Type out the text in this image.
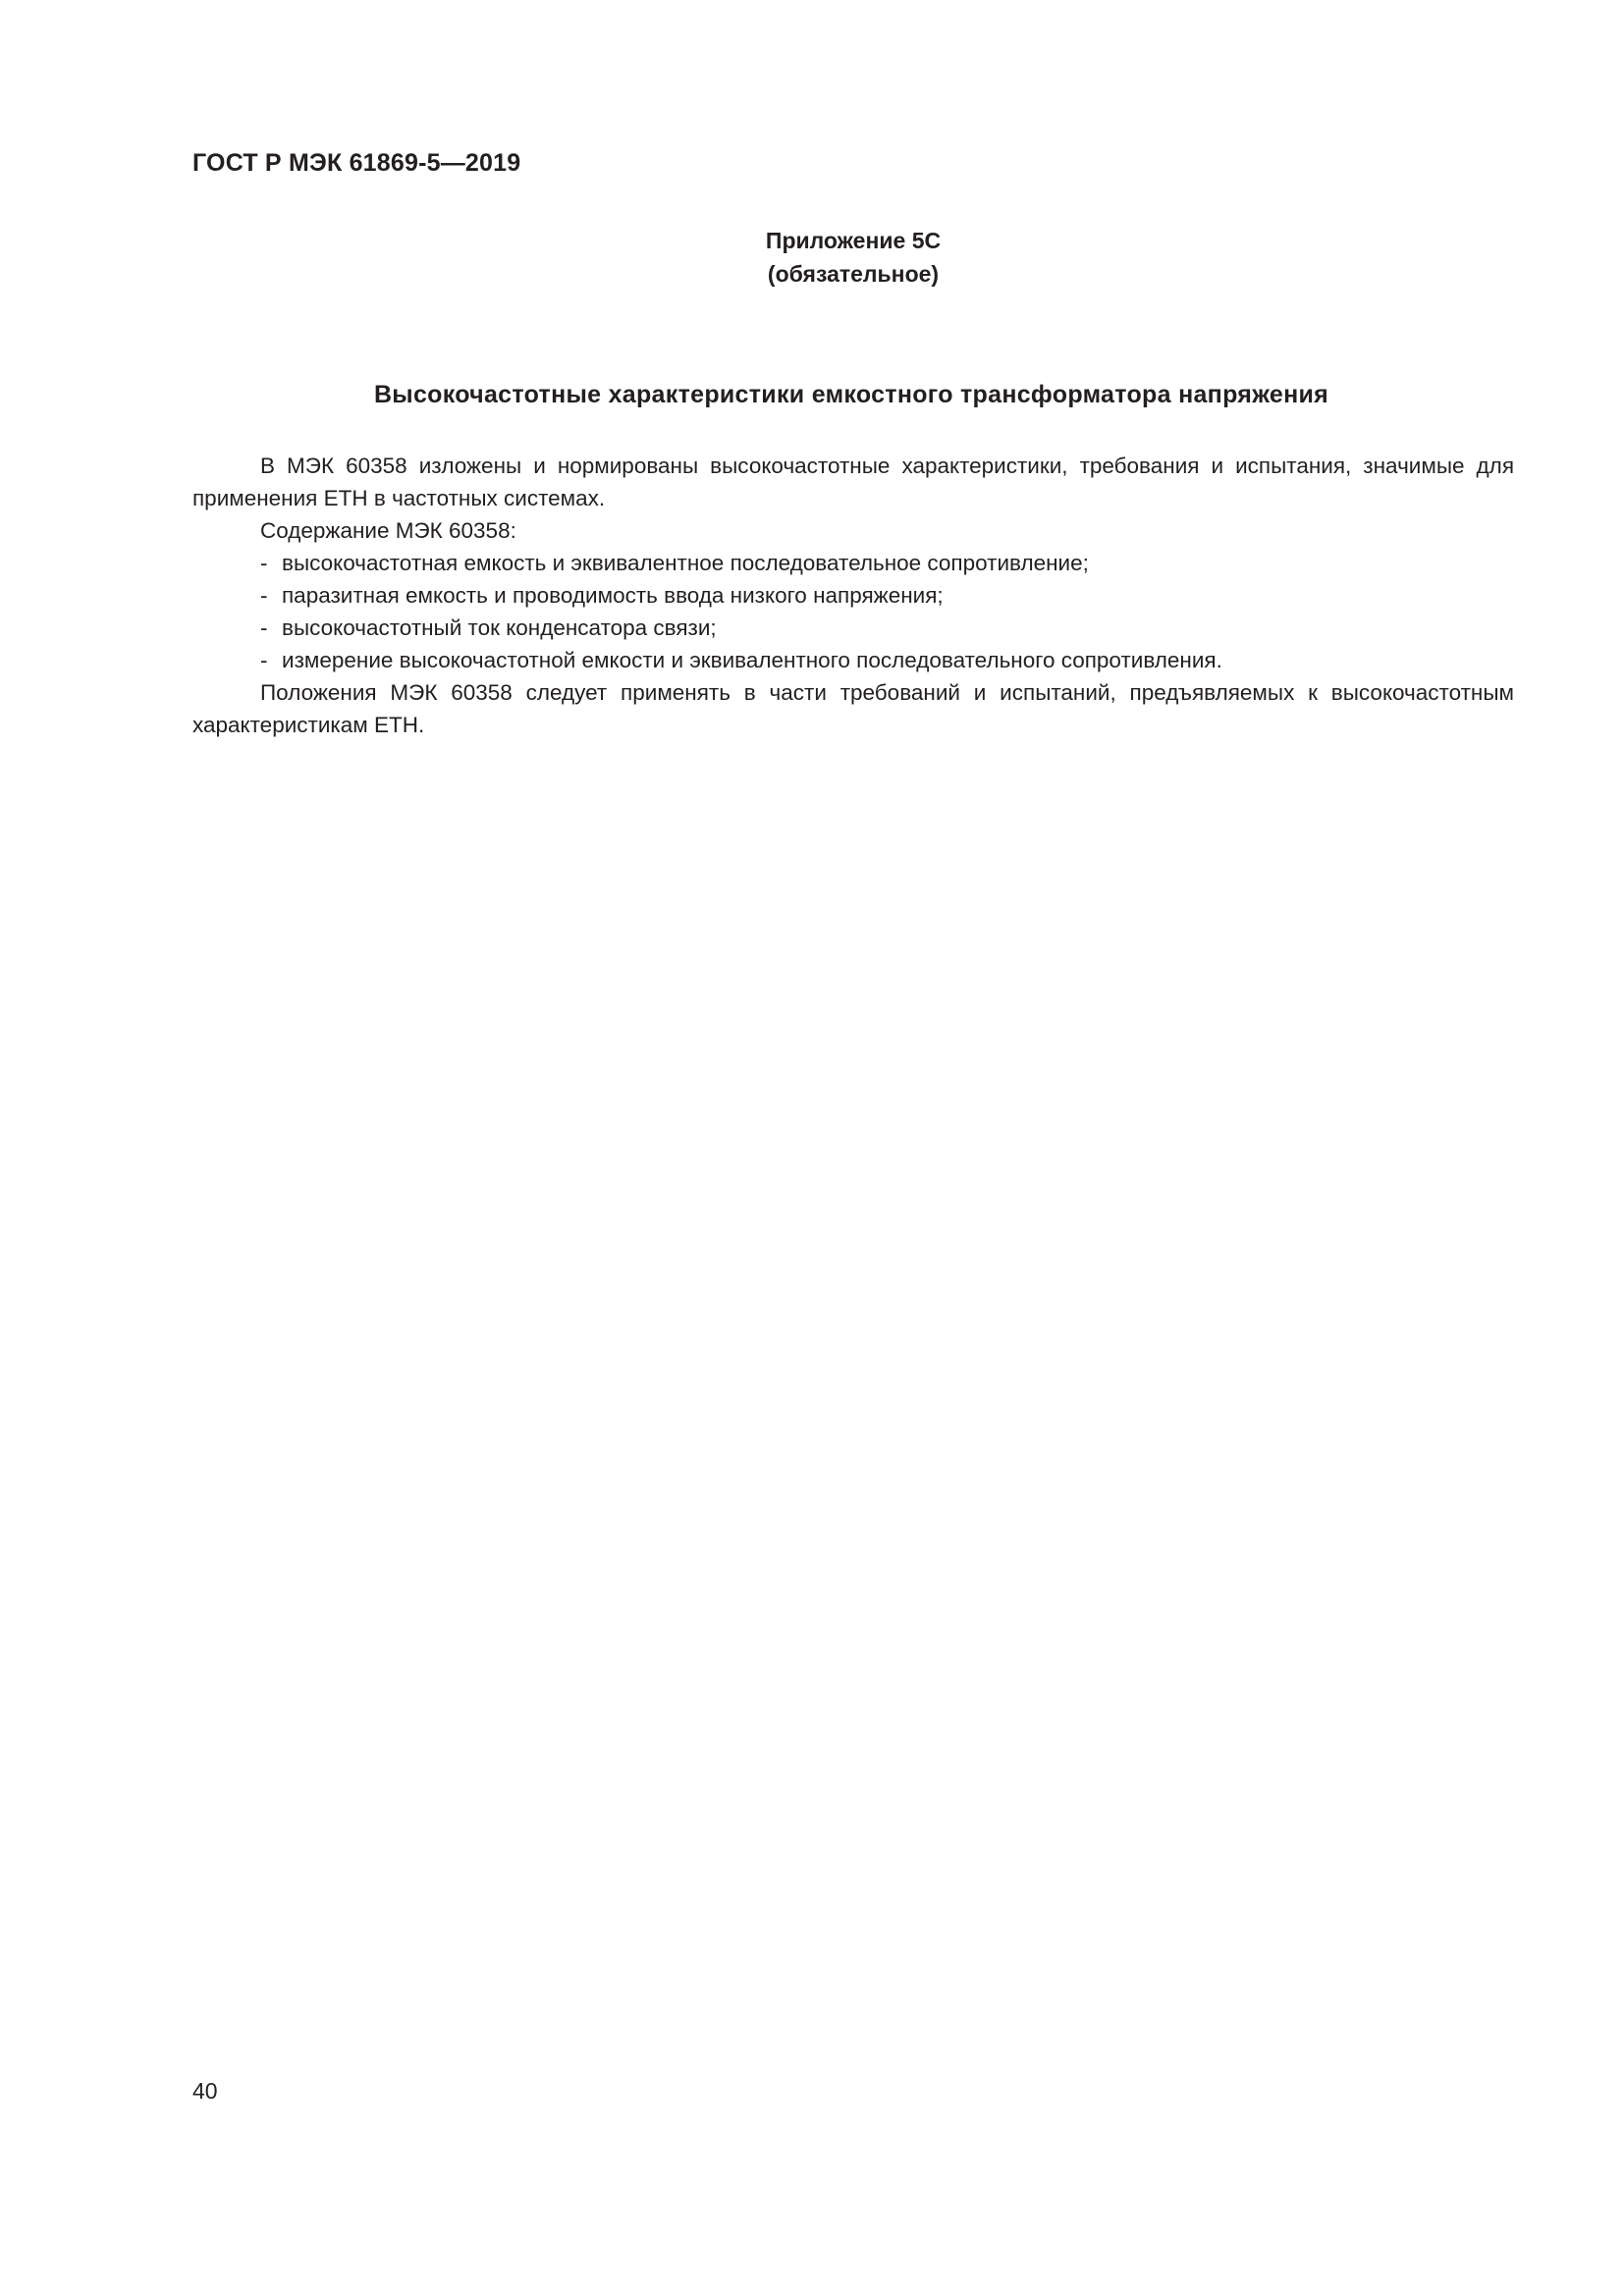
ГОСТ Р МЭК 61869-5—2019
Приложение 5С
(обязательное)
Высокочастотные характеристики емкостного трансформатора напряжения

В МЭК 60358 изложены и нормированы высокочастотные характеристики, требования и испытания, значимые для применения ЕТН в частотных системах.

Содержание МЭК 60358:

- высокочастотная емкость и эквивалентное последовательное сопротивление;

- паразитная емкость и проводимость ввода низкого напряжения;

- высокочастотный ток конденсатора связи;

- измерение высокочастотной емкости и эквивалентного последовательного сопротивления.

Положения МЭК 60358 следует применять в части требований и испытаний, предъявляемых к высокочастотным характеристикам ЕТН.

40
